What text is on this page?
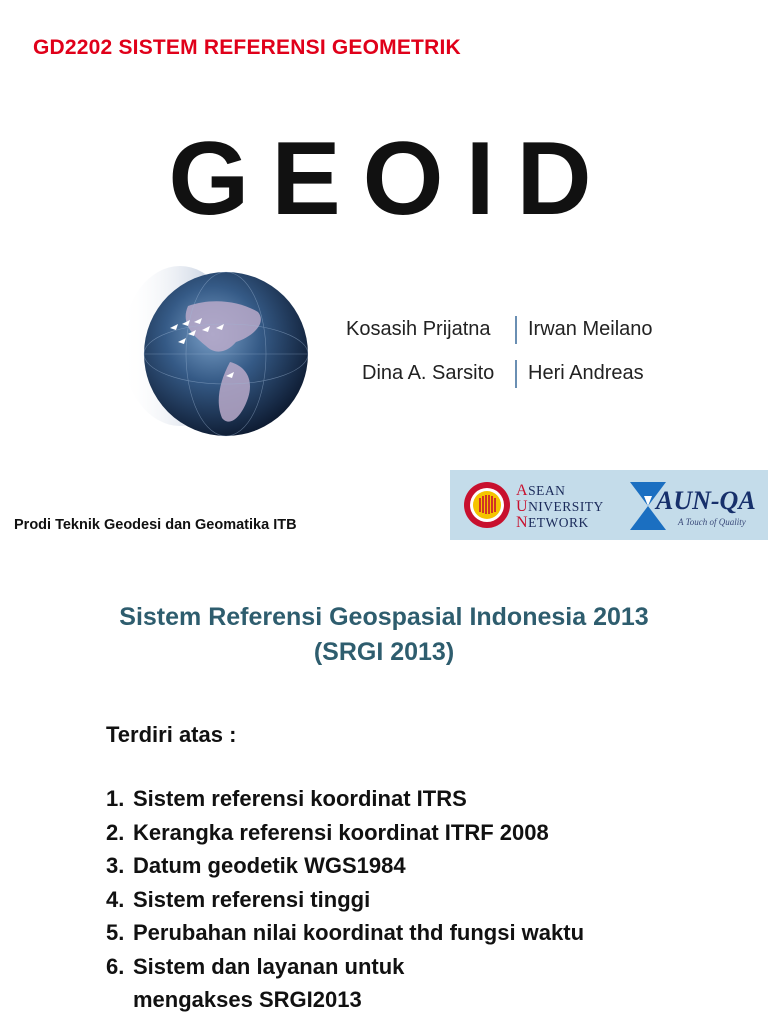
GD2202 SISTEM REFERENSI GEOMETRIK
GEOID
Kosasih Prijatna Irwan Meilano
Dina A. Sarsito Heri Andreas
Prodi Teknik Geodesi dan Geomatika ITB
ASEAN
UNIVERSITY
NETWORK
AUN-QA
A Touch of Quality
Sistem Referensi Geospasial Indonesia 2013
(SRGI 2013)
Terdiri atas :
1. Sistem referensi koordinat ITRS
2. Kerangka referensi koordinat ITRF 2008
3. Datum geodetik WGS1984
4. Sistem referensi tinggi
5. Perubahan nilai koordinat thd fungsi waktu
6. Sistem dan layanan untuk mengakses SRGI2013
